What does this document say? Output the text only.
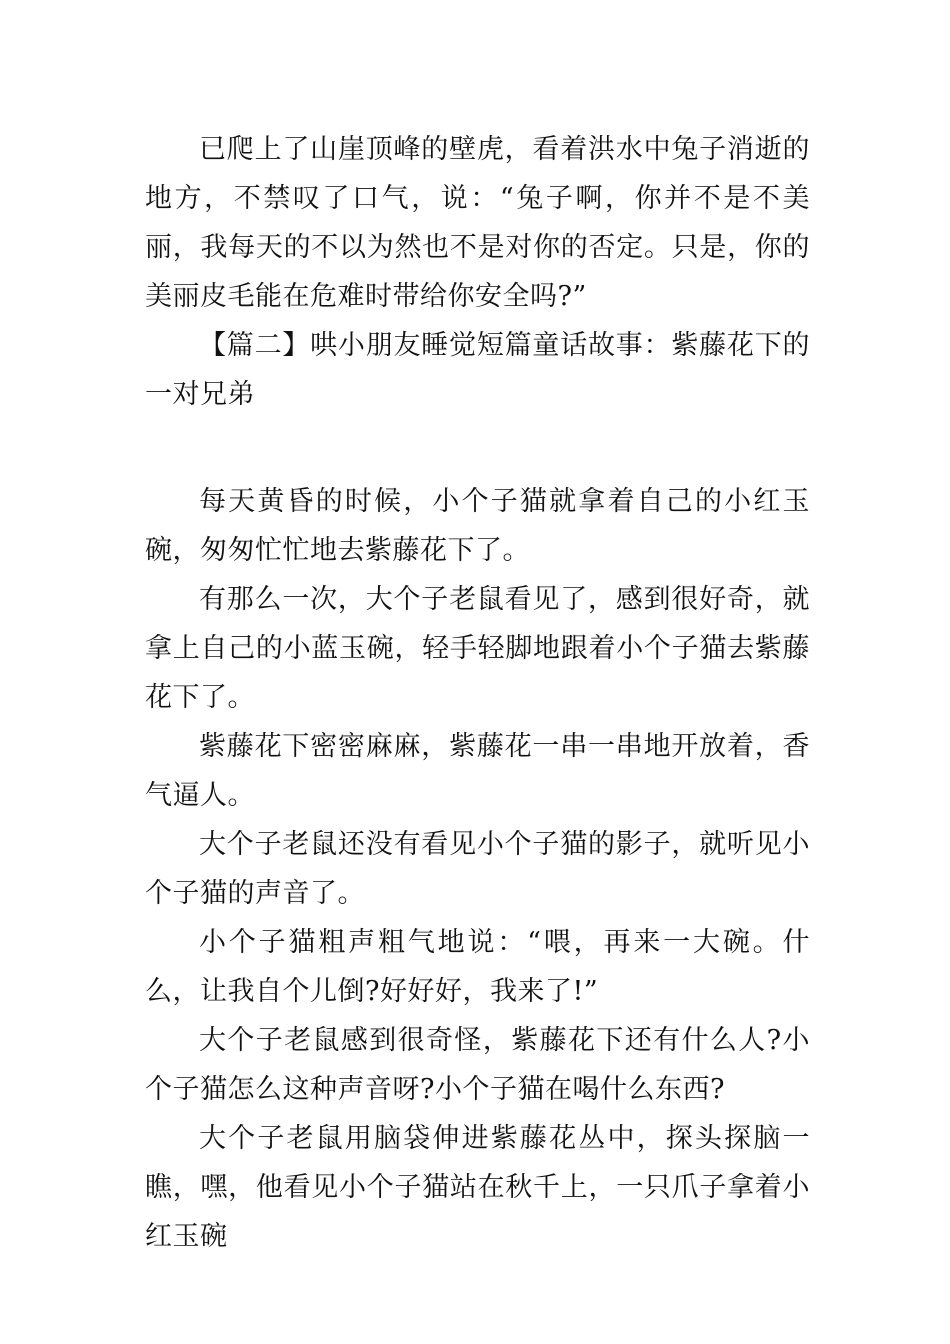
已爬上了山崖顶峰的壁虎，看着洪水中兔子消逝的地方，不禁叹了口气，说：“兔子啊，你并不是不美丽，我每天的不以为然也不是对你的否定。只是，你的美丽皮毛能在危难时带给你安全吗?”

【篇二】哄小朋友睡觉短篇童话故事：紫藤花下的一对兄弟

每天黄昏的时候，小个子猫就拿着自己的小红玉碗，匆匆忙忙地去紫藤花下了。

有那么一次，大个子老鼠看见了，感到很好奇，就拿上自己的小蓝玉碗，轻手轻脚地跟着小个子猫去紫藤花下了。

紫藤花下密密麻麻，紫藤花一串一串地开放着，香气逼人。

大个子老鼠还没有看见小个子猫的影子，就听见小个子猫的声音了。

小个子猫粗声粗气地说：“喂，再来一大碗。什么，让我自个儿倒?好好好，我来了!”

大个子老鼠感到很奇怪，紫藤花下还有什么人?小个子猫怎么这种声音呀?小个子猫在喝什么东西?

大个子老鼠用脑袋伸进紫藤花丛中，探头探脑一瞧，嘿，他看见小个子猫站在秋千上，一只爪子拿着小红玉碗
